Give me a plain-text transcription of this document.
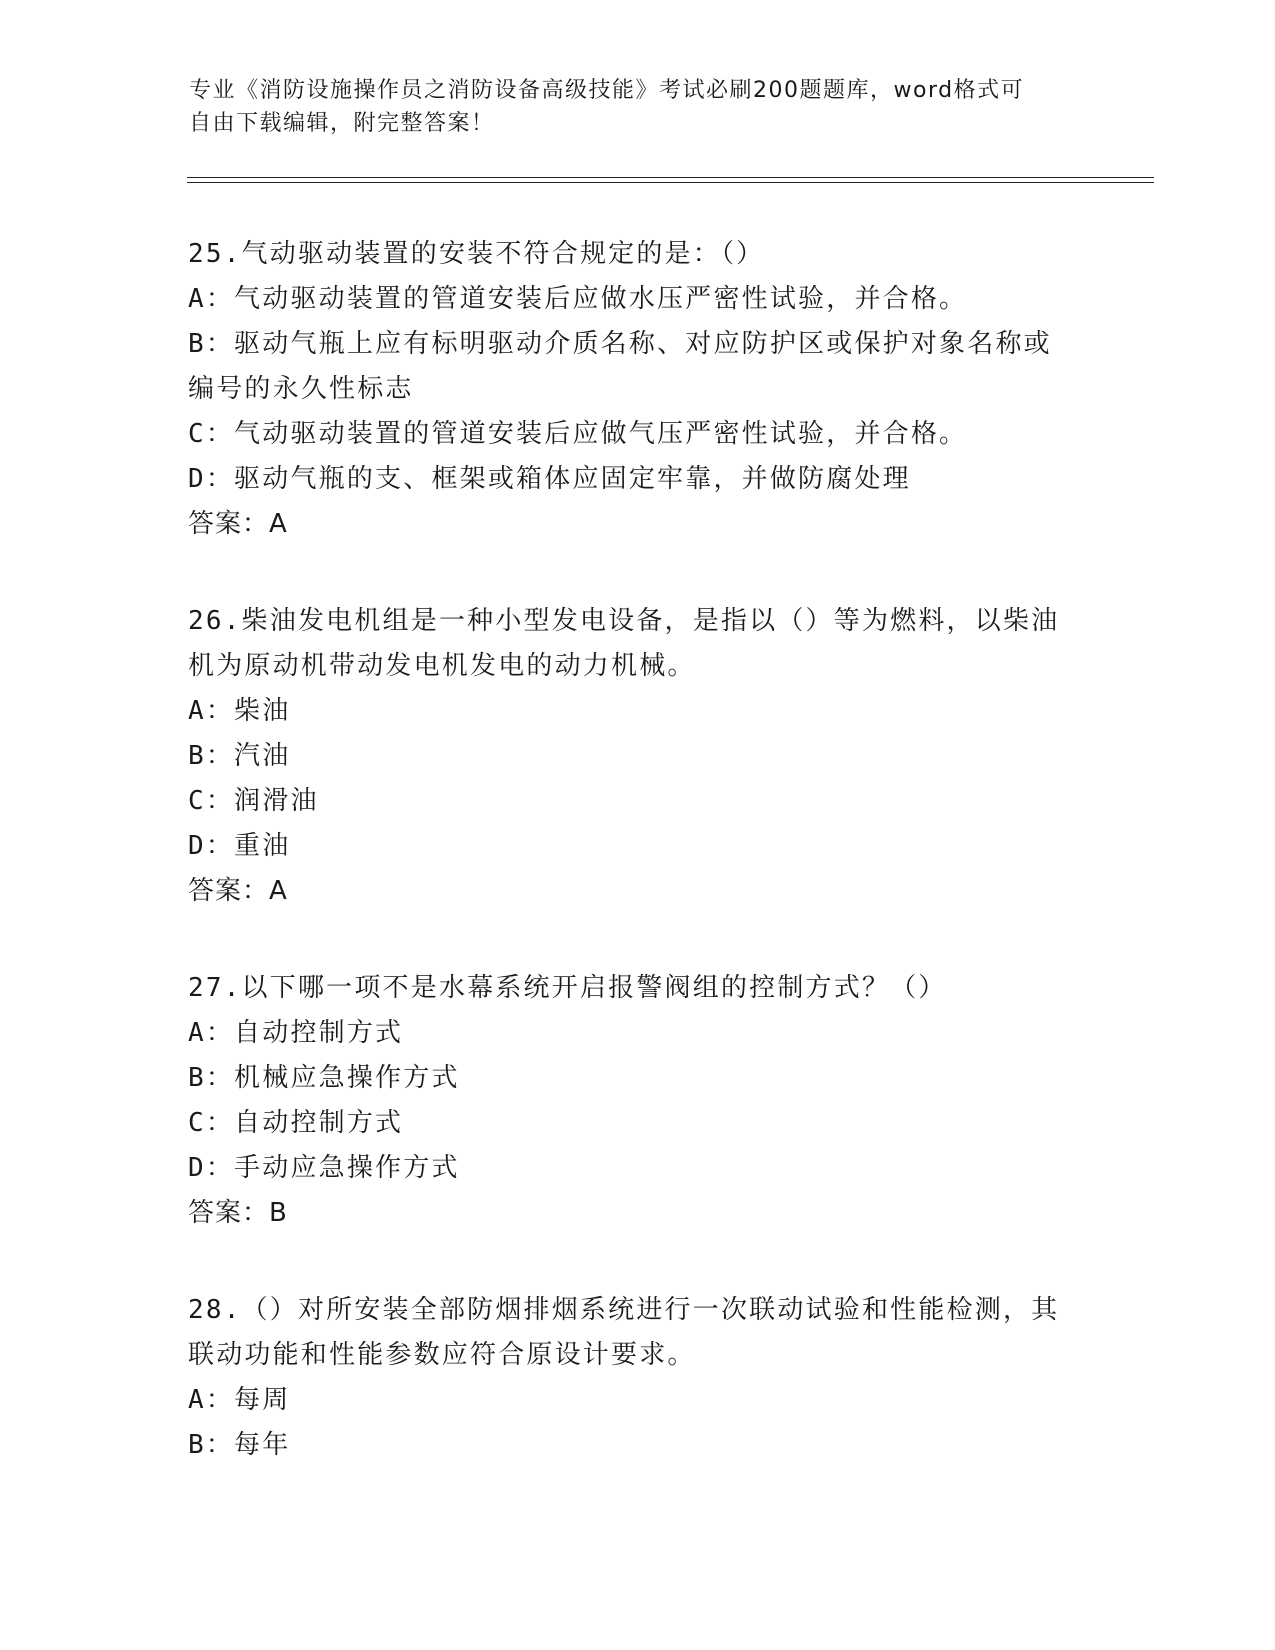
专业《消防设施操作员之消防设备高级技能》考试必刷200题题库，word格式可
自由下载编辑，附完整答案！

25.气动驱动装置的安装不符合规定的是：（）

A：气动驱动装置的管道安装后应做水压严密性试验，并合格。

B：驱动气瓶上应有标明驱动介质名称、对应防护区或保护对象名称或编号的永久性标志

C：气动驱动装置的管道安装后应做气压严密性试验，并合格。

D：驱动气瓶的支、框架或箱体应固定牢靠，并做防腐处理

答案：A

26.柴油发电机组是一种小型发电设备，是指以（）等为燃料，以柴油机为原动机带动发电机发电的动力机械。

A：柴油

B：汽油

C：润滑油

D：重油

答案：A

27.以下哪一项不是水幕系统开启报警阀组的控制方式？（）

A：自动控制方式

B：机械应急操作方式

C：自动控制方式

D：手动应急操作方式

答案：B

28.（）对所安装全部防烟排烟系统进行一次联动试验和性能检测，其联动功能和性能参数应符合原设计要求。

A：每周

B：每年
